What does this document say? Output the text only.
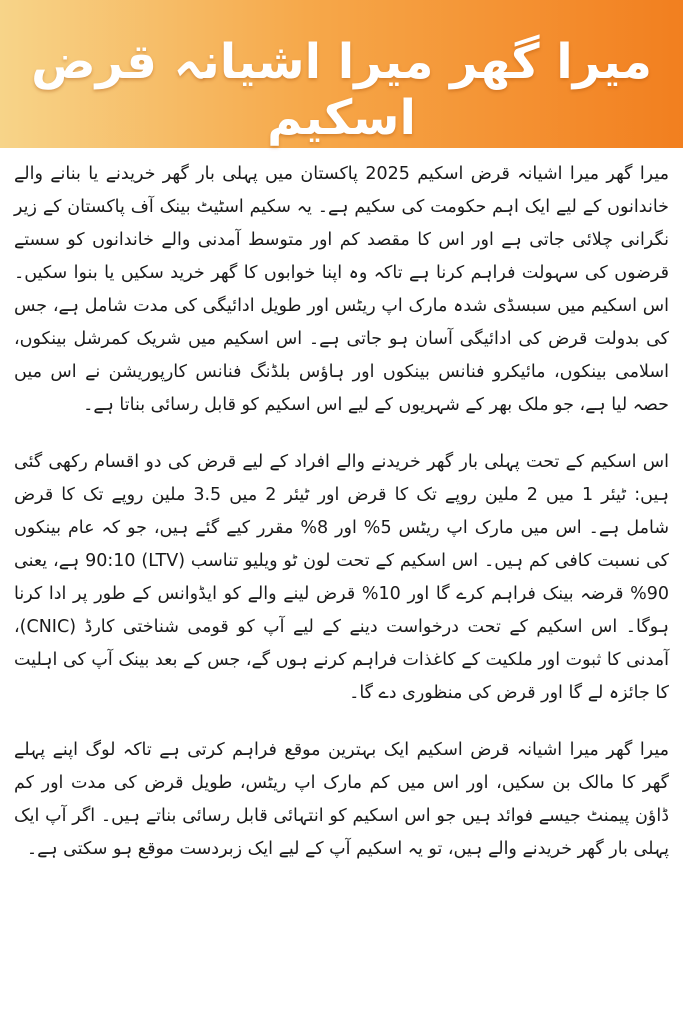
میرا گھر میرا اشیانہ قرض اسکیم

میرا گھر میرا اشیانہ قرض اسکیم 2025 پاکستان میں پہلی بار گھر خریدنے یا بنانے والے خاندانوں کے لیے ایک اہم حکومت کی سکیم ہے۔ یہ سکیم اسٹیٹ بینک آف پاکستان کے زیر نگرانی چلائی جاتی ہے اور اس کا مقصد کم اور متوسط آمدنی والے خاندانوں کو سستے قرضوں کی سہولت فراہم کرنا ہے تاکہ وہ اپنا خوابوں کا گھر خرید سکیں یا بنوا سکیں۔ اس اسکیم میں سبسڈی شدہ مارک اپ ریٹس اور طویل ادائیگی کی مدت شامل ہے، جس کی بدولت قرض کی ادائیگی آسان ہو جاتی ہے۔ اس اسکیم میں شریک کمرشل بینکوں، اسلامی بینکوں، مائیکرو فنانس بینکوں اور ہاؤس بلڈنگ فنانس کارپوریشن نے اس میں حصہ لیا ہے، جو ملک بھر کے شہریوں کے لیے اس اسکیم کو قابل رسائی بناتا ہے۔

اس اسکیم کے تحت پہلی بار گھر خریدنے والے افراد کے لیے قرض کی دو اقسام رکھی گئی ہیں: ٹیئر 1 میں 2 ملین روپے تک کا قرض اور ٹیئر 2 میں 3.5 ملین روپے تک کا قرض شامل ہے۔ اس میں مارک اپ ریٹس 5% اور 8% مقرر کیے گئے ہیں، جو کہ عام بینکوں کی نسبت کافی کم ہیں۔ اس اسکیم کے تحت لون ٹو ویلیو تناسب (LTV) 90:10 ہے، یعنی 90% قرضہ بینک فراہم کرے گا اور 10% قرض لینے والے کو ایڈوانس کے طور پر ادا کرنا ہوگا۔ اس اسکیم کے تحت درخواست دینے کے لیے آپ کو قومی شناختی کارڈ (CNIC)، آمدنی کا ثبوت اور ملکیت کے کاغذات فراہم کرنے ہوں گے، جس کے بعد بینک آپ کی اہلیت کا جائزہ لے گا اور قرض کی منظوری دے گا۔

میرا گھر میرا اشیانہ قرض اسکیم ایک بہترین موقع فراہم کرتی ہے تاکہ لوگ اپنے پہلے گھر کا مالک بن سکیں، اور اس میں کم مارک اپ ریٹس، طویل قرض کی مدت اور کم ڈاؤن پیمنٹ جیسے فوائد ہیں جو اس اسکیم کو انتہائی قابل رسائی بناتے ہیں۔ اگر آپ ایک پہلی بار گھر خریدنے والے ہیں، تو یہ اسکیم آپ کے لیے ایک زبردست موقع ہو سکتی ہے۔
